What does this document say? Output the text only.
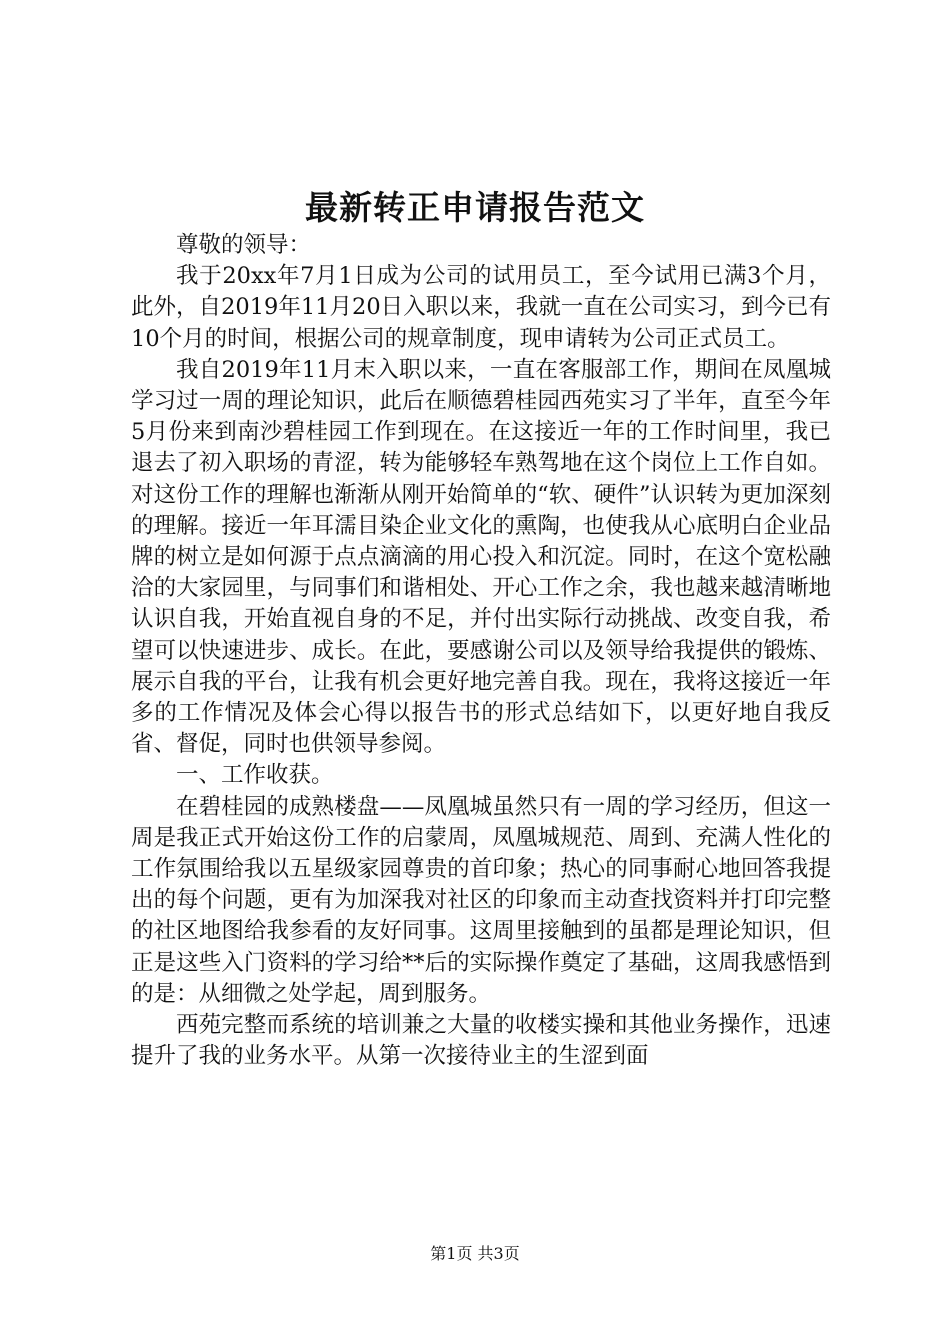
最新转正申请报告范文

尊敬的领导：

我于20xx年7月1日成为公司的试用员工，至今试用已满3个月，此外，自2019年11月20日入职以来，我就一直在公司实习，到今已有10个月的时间，根据公司的规章制度，现申请转为公司正式员工。

我自2019年11月末入职以来，一直在客服部工作，期间在凤凰城学习过一周的理论知识，此后在顺德碧桂园西苑实习了半年，直至今年5月份来到南沙碧桂园工作到现在。在这接近一年的工作时间里，我已退去了初入职场的青涩，转为能够轻车熟驾地在这个岗位上工作自如。对这份工作的理解也渐渐从刚开始简单的“软、硬件”认识转为更加深刻的理解。接近一年耳濡目染企业文化的熏陶，也使我从心底明白企业品牌的树立是如何源于点点滴滴的用心投入和沉淀。同时，在这个宽松融洽的大家园里，与同事们和谐相处、开心工作之余，我也越来越清晰地认识自我，开始直视自身的不足，并付出实际行动挑战、改变自我，希望可以快速进步、成长。在此，要感谢公司以及领导给我提供的锻炼、展示自我的平台，让我有机会更好地完善自我。现在，我将这接近一年多的工作情况及体会心得以报告书的形式总结如下，以更好地自我反省、督促，同时也供领导参阅。

一、工作收获。

在碧桂园的成熟楼盘——凤凰城虽然只有一周的学习经历，但这一周是我正式开始这份工作的启蒙周，凤凰城规范、周到、充满人性化的工作氛围给我以五星级家园尊贵的首印象；热心的同事耐心地回答我提出的每个问题，更有为加深我对社区的印象而主动查找资料并打印完整的社区地图给我参看的友好同事。这周里接触到的虽都是理论知识，但正是这些入门资料的学习给**后的实际操作奠定了基础，这周我感悟到的是：从细微之处学起，周到服务。

西苑完整而系统的培训兼之大量的收楼实操和其他业务操作，迅速提升了我的业务水平。从第一次接待业主的生涩到面

第1页 共3页
